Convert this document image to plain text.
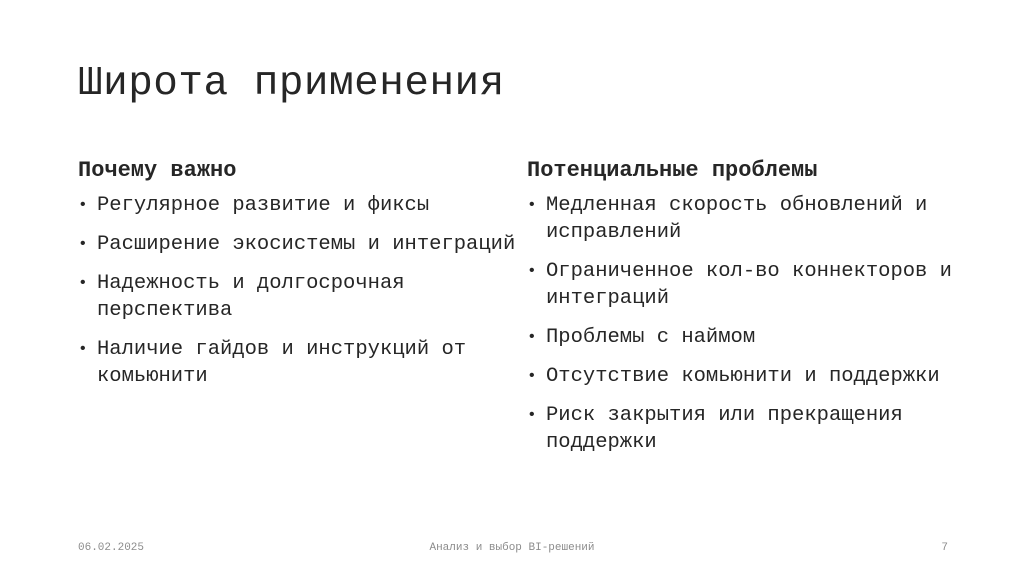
Широта применения
Почему важно
• Регулярное развитие и фиксы
• Расширение экосистемы и интеграций
• Надежность и долгосрочная перспектива
• Наличие гайдов и инструкций от комьюнити
Потенциальные проблемы
• Медленная скорость обновлений и исправлений
• Ограниченное кол-во коннекторов и интеграций
• Проблемы с наймом
• Отсутствие комьюнити и поддержки
• Риск закрытия или прекращения поддержки
06.02.2025	Анализ и выбор BI-решений	7
